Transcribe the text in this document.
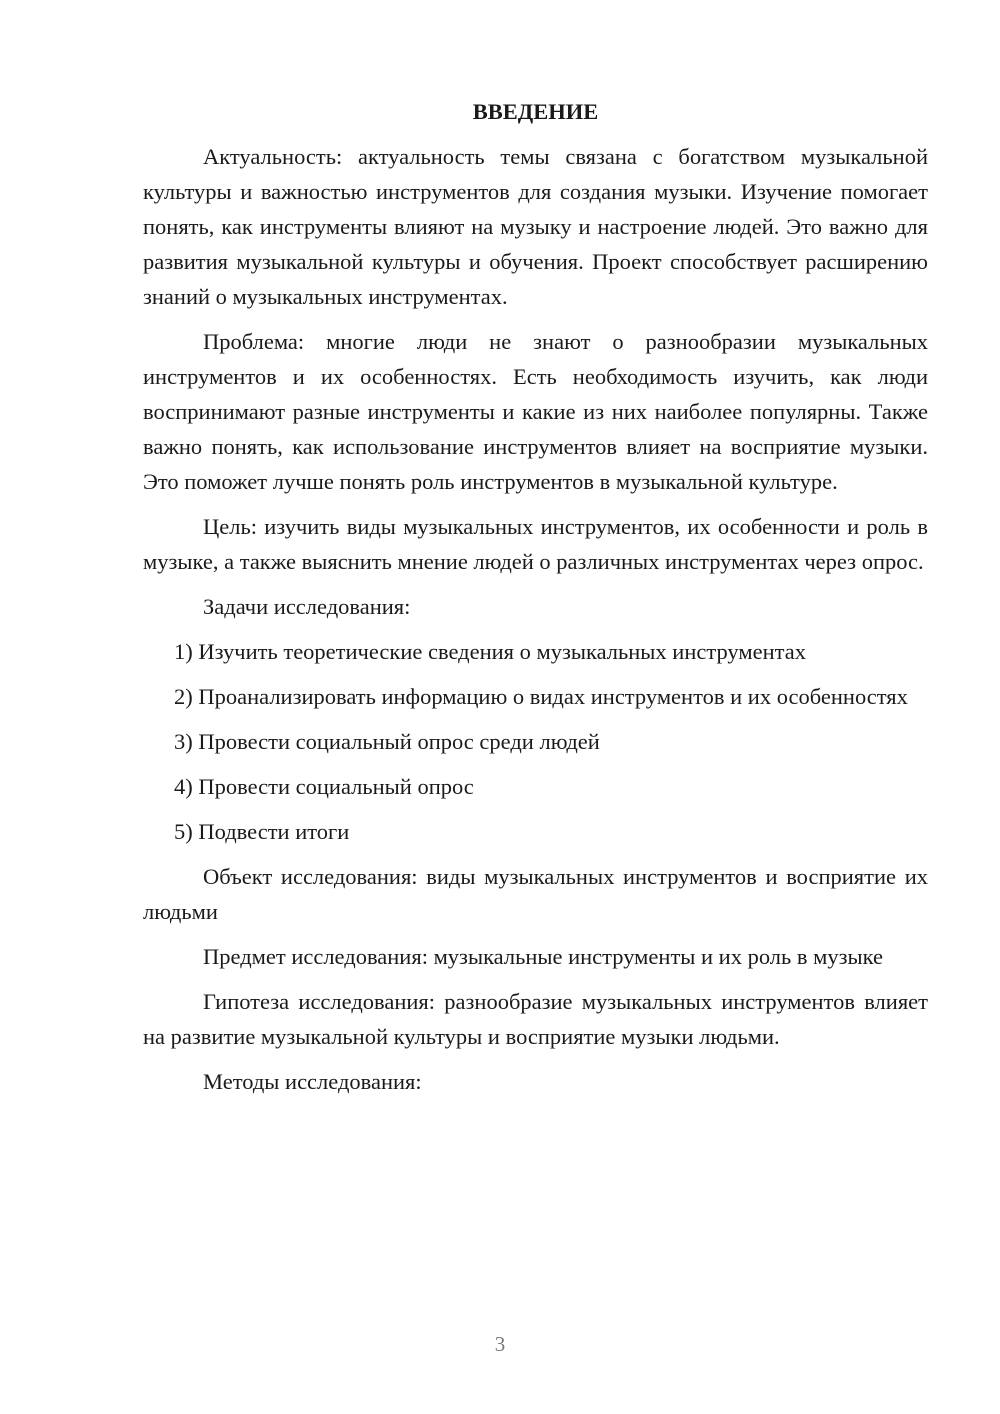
ВВЕДЕНИЕ

Актуальность: актуальность темы связана с богатством музыкальной культуры и важностью инструментов для создания музыки. Изучение помогает понять, как инструменты влияют на музыку и настроение людей. Это важно для развития музыкальной культуры и обучения. Проект способствует расширению знаний о музыкальных инструментах.

Проблема: многие люди не знают о разнообразии музыкальных инструментов и их особенностях. Есть необходимость изучить, как люди воспринимают разные инструменты и какие из них наиболее популярны. Также важно понять, как использование инструментов влияет на восприятие музыки. Это поможет лучше понять роль инструментов в музыкальной культуре.

Цель: изучить виды музыкальных инструментов, их особенности и роль в музыке, а также выяснить мнение людей о различных инструментах через опрос.

Задачи исследования:

1) Изучить теоретические сведения о музыкальных инструментах

2) Проанализировать информацию о видах инструментов и их особенностях

3) Провести социальный опрос среди людей

4) Провести социальный опрос

5) Подвести итоги

Объект исследования: виды музыкальных инструментов и восприятие их людьми

Предмет исследования: музыкальные инструменты и их роль в музыке

Гипотеза исследования: разнообразие музыкальных инструментов влияет на развитие музыкальной культуры и восприятие музыки людьми.

Методы исследования:

3
